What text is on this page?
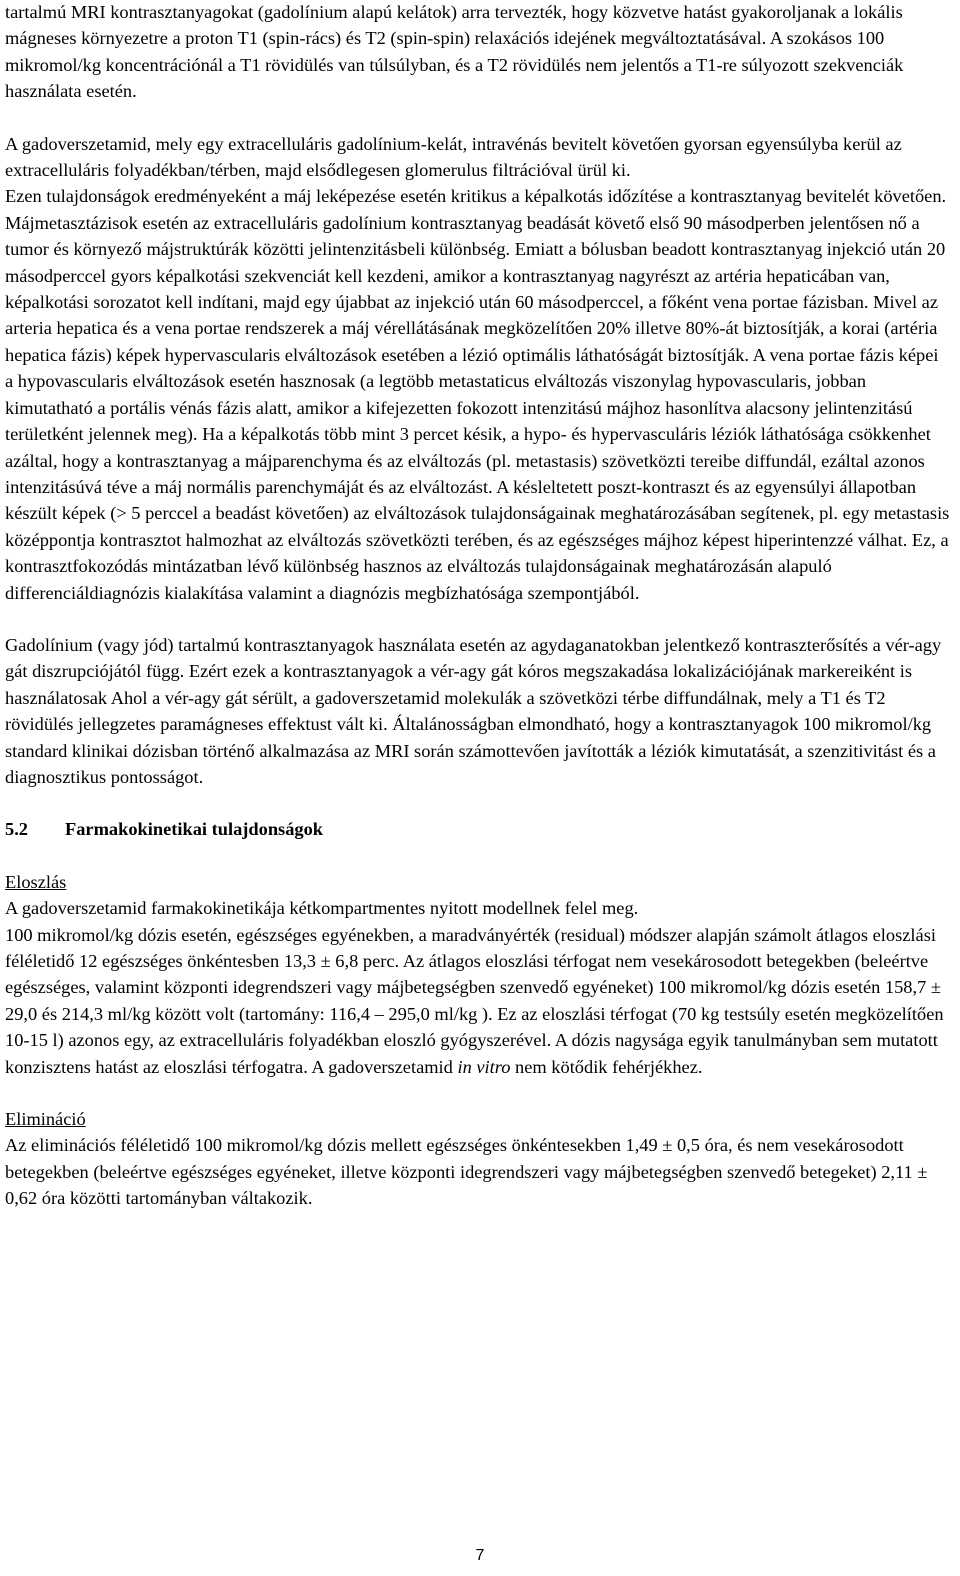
tartalmú MRI kontrasztanyagokat (gadolínium alapú kelátok) arra tervezték, hogy közvetve hatást gyakoroljanak a lokális mágneses környezetre a proton T1 (spin-rács) és T2 (spin-spin) relaxációs idejének megváltoztatásával. A szokásos 100 mikromol/kg koncentrációnál a T1 rövidülés van túlsúlyban, és a T2 rövidülés nem jelentős a T1-re súlyozott szekvenciák használata esetén.

A gadoverszetamid, mely egy extracelluláris gadolínium-kelát, intravénás bevitelt követően gyorsan egyensúlyba kerül az extracelluláris folyadékban/térben, majd elsődlegesen glomerulus filtrációval ürül ki.

Ezen tulajdonságok eredményeként a máj leképezése esetén kritikus a képalkotás időzítése a kontrasztanyag bevitelét követően. Májmetasztázisok esetén az extracelluláris gadolínium kontrasztanyag beadását követő első 90 másodperben jelentősen nő a tumor és környező májstruktúrák közötti jelintenzitásbeli különbség. Emiatt a bólusban beadott kontrasztanyag injekció után 20 másodperccel gyors képalkotási szekvenciát kell kezdeni, amikor a kontrasztanyag nagyrészt az artéria hepaticában van, képalkotási sorozatot kell indítani, majd egy újabbat az injekció után 60 másodperccel, a főként vena portae fázisban. Mivel az arteria hepatica és a vena portae rendszerek a máj vérellátásának megközelítően 20% illetve 80%-át biztosítják, a korai (artéria hepatica fázis) képek hypervascularis elváltozások esetében a lézió optimális láthatóságát biztosítják. A vena portae fázis képei a hypovascularis elváltozások esetén hasznosak (a legtöbb metastaticus elváltozás viszonylag hypovascularis, jobban kimutatható a portális vénás fázis alatt, amikor a kifejezetten fokozott intenzitású májhoz hasonlítva alacsony jelintenzitású területként jelennek meg). Ha a képalkotás több mint 3 percet késik, a hypo- és hypervasculáris léziók láthatósága csökkenhet azáltal, hogy a kontrasztanyag a májparenchyma és az elváltozás (pl. metastasis) szövetközti tereibe diffundál, ezáltal azonos intenzitásúvá téve a máj normális parenchymáját és az elváltozást. A késleltetett poszt-kontraszt és az egyensúlyi állapotban készült képek (> 5 perccel a beadást követően) az elváltozások tulajdonságainak meghatározásában segítenek, pl. egy metastasis középpontja kontrasztot halmozhat az elváltozás szövetközti terében, és az egészséges májhoz képest hiperintenzzé válhat. Ez, a kontrasztfokozódás mintázatban lévő különbség hasznos az elváltozás tulajdonságainak meghatározásán alapuló differenciáldiagnózis kialakítása valamint a diagnózis megbízhatósága szempontjából.

Gadolínium (vagy jód) tartalmú kontrasztanyagok használata esetén az agydaganatokban jelentkező kontraszterősítés a vér-agy gát diszrupciójától függ. Ezért ezek a kontrasztanyagok a vér-agy gát kóros megszakadása lokalizációjának markereiként is használatosak Ahol a vér-agy gát sérült, a gadoverszetamid molekulák a szövetközi térbe diffundálnak, mely a T1 és T2 rövidülés jellegzetes paramágneses effektust vált ki. Általánosságban elmondható, hogy a kontrasztanyagok 100 mikromol/kg standard klinikai dózisban történő alkalmazása az MRI során számottevően javították a léziók kimutatását, a szenzitivitást és a diagnosztikus pontosságot.

5.2	Farmakokinetikai tulajdonságok

Eloszlás

A gadoverszetamid farmakokinetikája kétkompartmentes nyitott modellnek felel meg.

100 mikromol/kg dózis esetén, egészséges egyénekben, a maradványérték (residual) módszer alapján számolt átlagos eloszlási féléletidő 12 egészséges önkéntesben 13,3 ± 6,8 perc. Az átlagos eloszlási térfogat nem vesekárosodott betegekben (beleértve egészséges, valamint központi idegrendszeri vagy májbetegségben szenvedő egyéneket) 100 mikromol/kg dózis esetén 158,7 ± 29,0 és 214,3 ml/kg között volt (tartomány: 116,4 – 295,0 ml/kg ). Ez az eloszlási térfogat (70 kg testsúly esetén megközelítően 10-15 l) azonos egy, az extracelluláris folyadékban eloszló gyógyszerével. A dózis nagysága egyik tanulmányban sem mutatott konzisztens hatást az eloszlási térfogatra. A gadoverszetamid in vitro nem kötődik fehérjékhez.

Elimináció

Az eliminációs féléletidő 100 mikromol/kg dózis mellett egészséges önkéntesekben 1,49 ± 0,5 óra, és nem vesekárosodott betegekben (beleértve egészséges egyéneket, illetve központi idegrendszeri vagy májbetegségben szenvedő betegeket) 2,11 ± 0,62 óra közötti tartományban váltakozik.

7
